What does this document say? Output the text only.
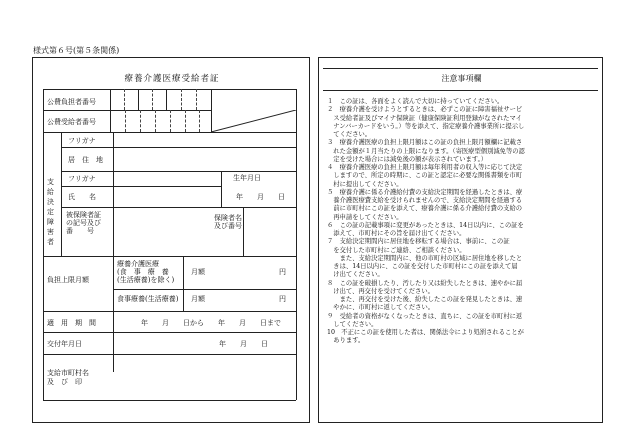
様式第６号(第５条関係)
療養介護医療受給者証
公費負担者番号
公費受給者番号
支給決定障害者
フリガナ
居　住　地
フリガナ
氏　　名
生年月日
年　　月　　日
被保険者証
の記号及び
番　　号
保険者名
及び番号
負担上限月額
療養介護医療
(食　事　療　養
(生活療養)を除く)
月額	円
食事療養(生活療養) 月額	円
適　用　期　間	年　　月　　日から　　年　　月　　日まで
交付年月日	年　　月　　日
支給市町村名
及　び　印
注意事項欄
１　この証は、各面をよく読んで大切に持っていてください。
２　療養介護を受けようとするときは、必ずこの証に障害福祉サービ
　ス受給者証及びマイナ保険証（健康保険証利用登録がなされたマイ
　ナンバーカードをいう。）等を添えて、指定療養介護事業所に提示し
　てください。
３　療養介護医療の負担上限月額はこの証の負担上限月額欄に記載さ
　れた金額が１月当たりの上限になります。（寄医療型個別減免等の認
　定を受けた場合には減免後の額が表示されています。）
４　療養介護医療の負担上限月額は毎年利用者の収入等に応じて決定
　しますので、所定の時期に、この証と認定に必要な関係書類を市町
　村に提出してください。
５　療養介護に係る介護給付費の支給決定期間を経過したときは、療
　養介護医療費支給を受けられませんので、支給決定期間を経過する
　前に市町村にこの証を添えて、療養介護に係る介護給付費の支給の
　再申請をしてください。
６　この証の記載事項に変更があったときは、14日以内に、この証を
　添えて、市町村にその旨を届け出てください。
７　支給決定期間内に居住地を移転する場合は、事前に、この証
　を交付した市町村にご連絡、ご相談ください。
　　また、支給決定期間内に、他の市町村の区域に居住地を移したと
　きは、14日以内に、この証を交付した市町村にこの証を添えて届
　け出てください。
８　この証を破損したり、汚したり又は紛失したときは、速やかに届
　け出て、再交付を受けてください。
　　また、再交付を受けた後、紛失したこの証を発見したときは、速
　やかに、市町村に返してください。
９　受給者の資格がなくなったときは、直ちに、この証を市町村に返
　してください。
10　不正にこの証を使用した者は、関係法令により処罰されることが
　あります。
